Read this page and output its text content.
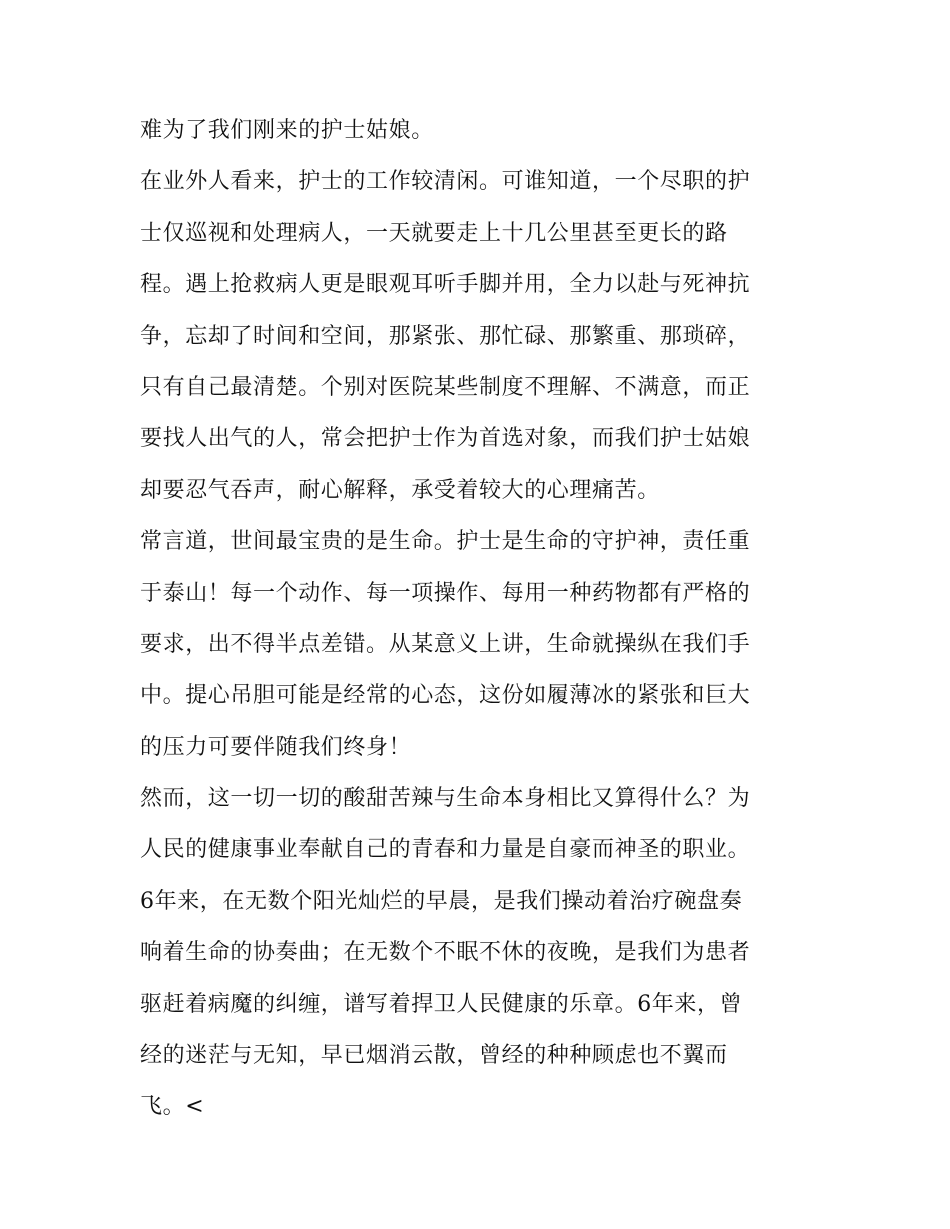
难为了我们刚来的护士姑娘。
在业外人看来，护士的工作较清闲。可谁知道，一个尽职的护
士仅巡视和处理病人，一天就要走上十几公里甚至更长的路
程。遇上抢救病人更是眼观耳听手脚并用，全力以赴与死神抗
争，忘却了时间和空间，那紧张、那忙碌、那繁重、那琐碎，
只有自己最清楚。个别对医院某些制度不理解、不满意，而正
要找人出气的人，常会把护士作为首选对象，而我们护士姑娘
却要忍气吞声，耐心解释，承受着较大的心理痛苦。
常言道，世间最宝贵的是生命。护士是生命的守护神，责任重
于泰山！每一个动作、每一项操作、每用一种药物都有严格的
要求，出不得半点差错。从某意义上讲，生命就操纵在我们手
中。提心吊胆可能是经常的心态，这份如履薄冰的紧张和巨大
的压力可要伴随我们终身！
然而，这一切一切的酸甜苦辣与生命本身相比又算得什么？为
人民的健康事业奉献自己的青春和力量是自豪而神圣的职业。
6年来，在无数个阳光灿烂的早晨，是我们操动着治疗碗盘奏
响着生命的协奏曲；在无数个不眠不休的夜晚，是我们为患者
驱赶着病魔的纠缠，谱写着捍卫人民健康的乐章。6年来，曾
经的迷茫与无知，早已烟消云散，曾经的种种顾虑也不翼而
飞。<
